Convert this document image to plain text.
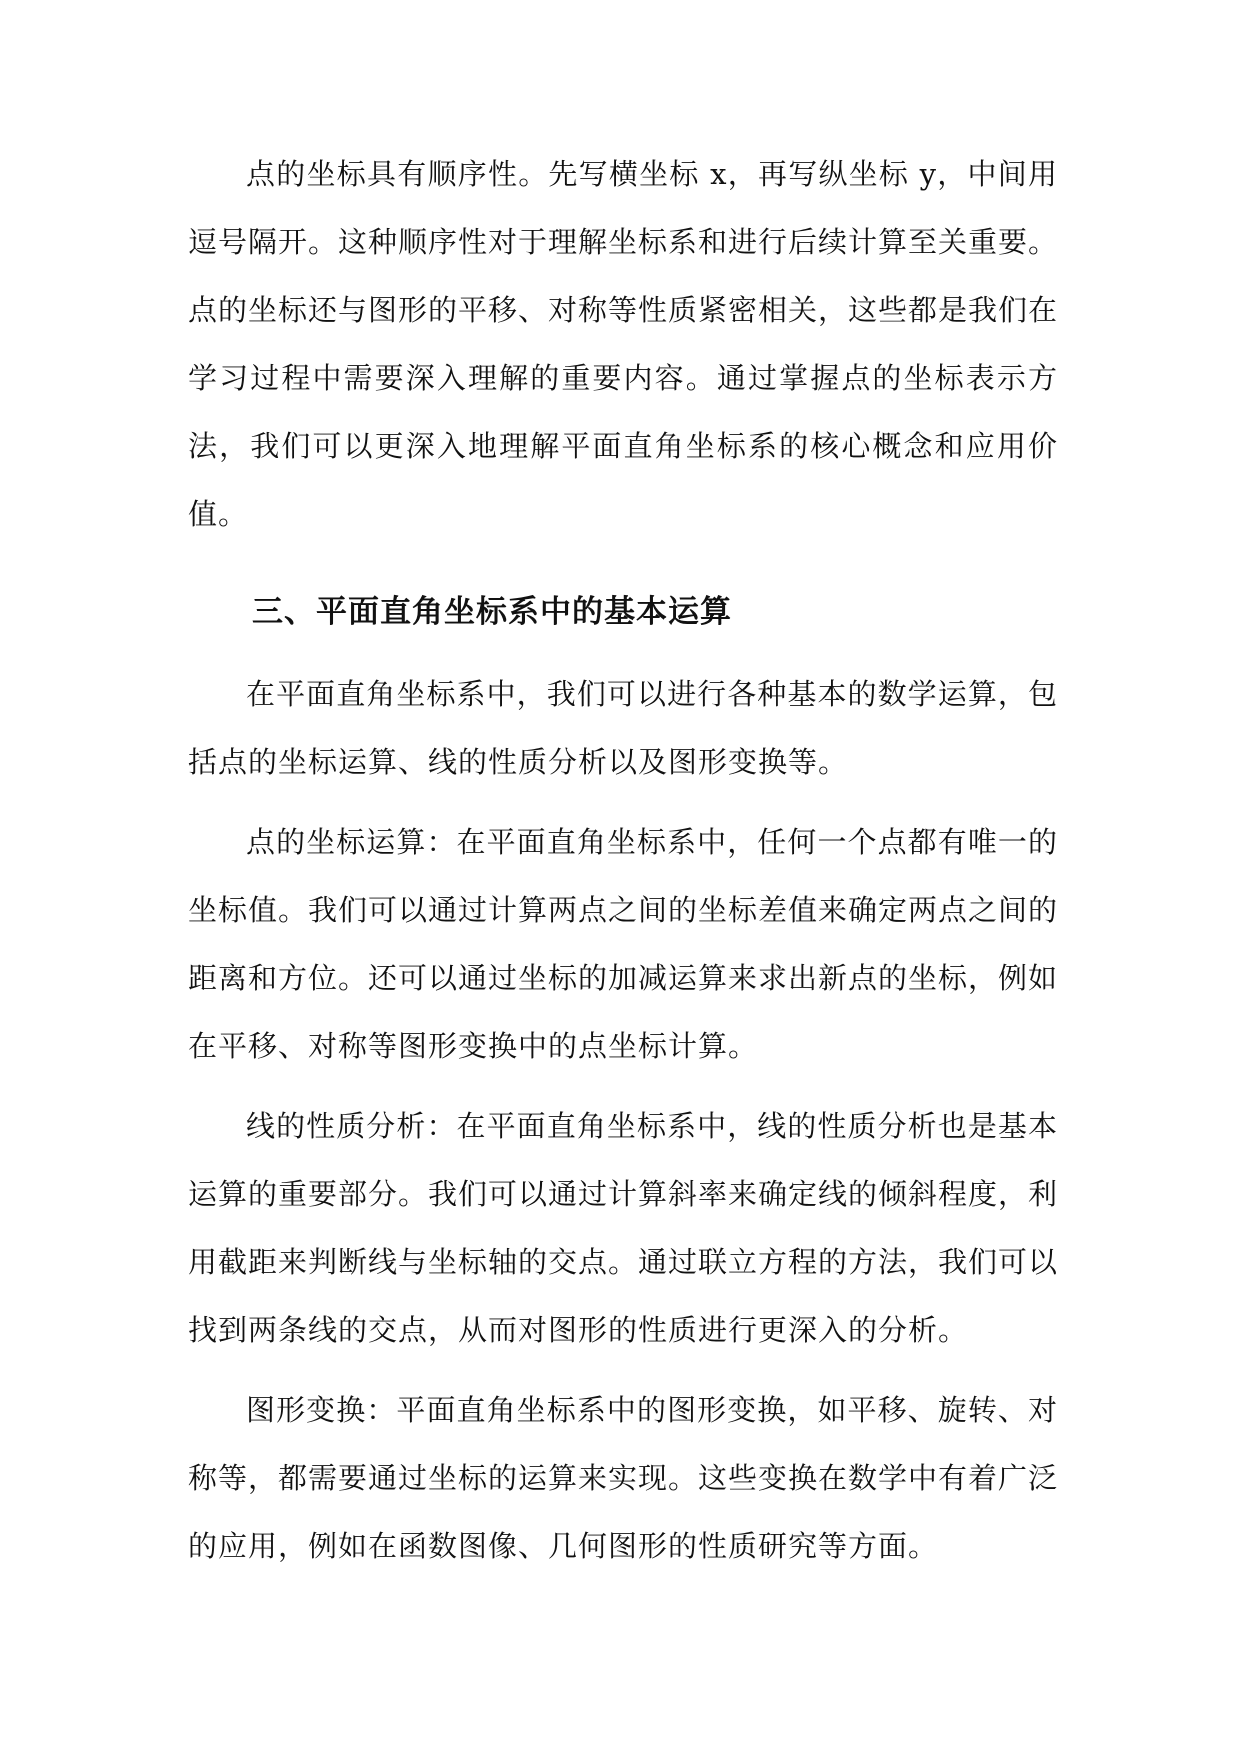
点的坐标具有顺序性。先写横坐标 x，再写纵坐标 y，中间用逗号隔开。这种顺序性对于理解坐标系和进行后续计算至关重要。点的坐标还与图形的平移、对称等性质紧密相关，这些都是我们在学习过程中需要深入理解的重要内容。通过掌握点的坐标表示方法，我们可以更深入地理解平面直角坐标系的核心概念和应用价值。

三、平面直角坐标系中的基本运算

在平面直角坐标系中，我们可以进行各种基本的数学运算，包括点的坐标运算、线的性质分析以及图形变换等。

点的坐标运算：在平面直角坐标系中，任何一个点都有唯一的坐标值。我们可以通过计算两点之间的坐标差值来确定两点之间的距离和方位。还可以通过坐标的加减运算来求出新点的坐标，例如在平移、对称等图形变换中的点坐标计算。

线的性质分析：在平面直角坐标系中，线的性质分析也是基本运算的重要部分。我们可以通过计算斜率来确定线的倾斜程度，利用截距来判断线与坐标轴的交点。通过联立方程的方法，我们可以找到两条线的交点，从而对图形的性质进行更深入的分析。

图形变换：平面直角坐标系中的图形变换，如平移、旋转、对称等，都需要通过坐标的运算来实现。这些变换在数学中有着广泛的应用，例如在函数图像、几何图形的性质研究等方面。
